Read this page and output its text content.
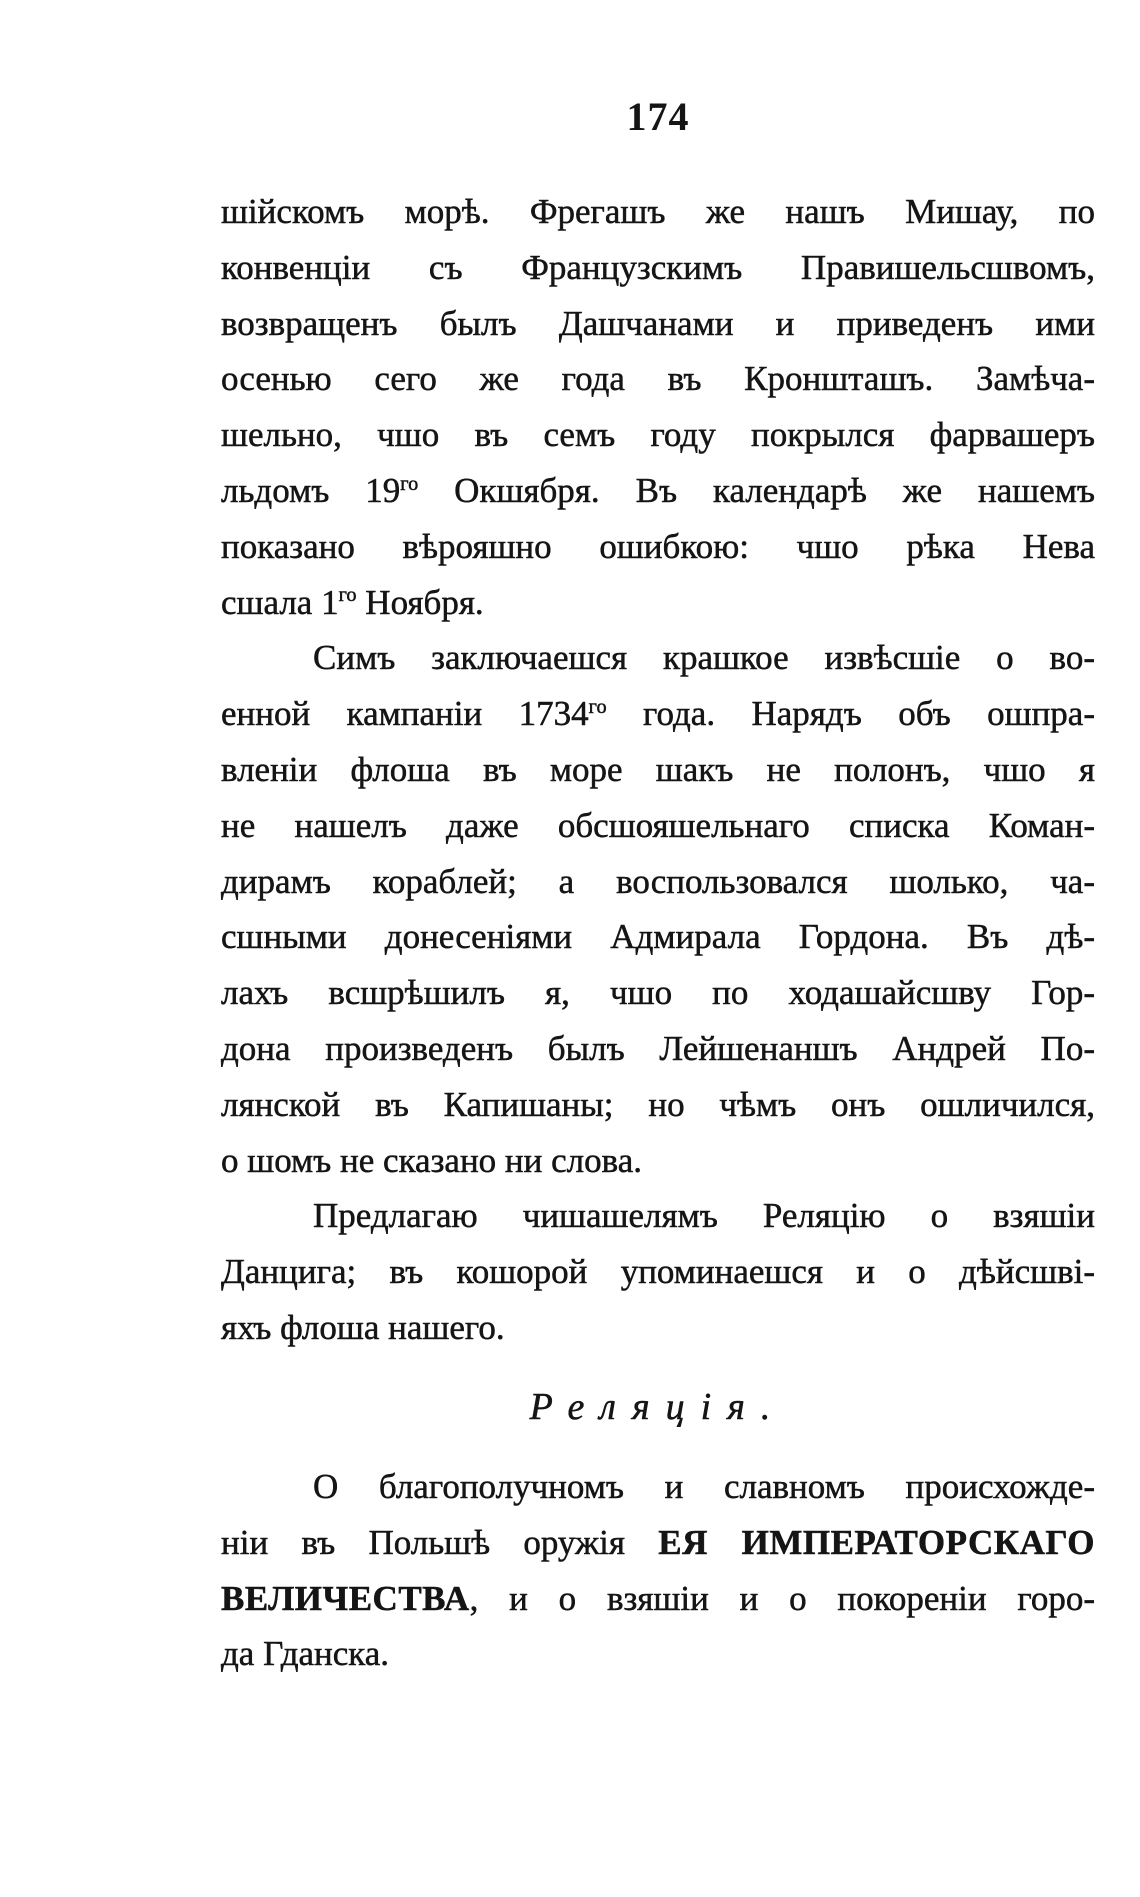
174
шійскомъ морѣ. Фрегашъ же нашъ Мишау, по
конвенціи съ Французскимъ Правишельсшвомъ,
возвращенъ былъ Дашчанами и приведенъ ими
осенью сего же года въ Кроншташъ. Замѣча-
шельно, чшо въ семъ году покрылся фарвашеръ
льдомъ $19^{го}$ Окшября. Въ календарѣ же нашемъ
показано вѣрояшно ошибкою: чшо рѣка Нева
сшала $1^{го}$ Ноября.
Симъ заключаешся крашкое извѣсшіе о во-
енной кампаніи $1734^{го}$ года. Нарядъ объ ошпра-
вленіи флоша въ море шакъ не полонъ, чшо я
не нашелъ даже обсшояшельнаго списка Коман-
дирамъ кораблей; а воспользовался шолько, ча-
сшными донесеніями Адмирала Гордона. Въ дѣ-
лахъ всшрѣшилъ я, чшо по ходашайсшву Гор-
дона произведенъ былъ Лейшенаншъ Андрей По-
лянской въ Капишаны; но чѣмъ онъ ошличился,
о шомъ не сказано ни слова.
Предлагаю чишашелямъ Реляцію о взяшіи
Данцига; въ кошорой упоминаешся и о дѣйсшві-
яхъ флоша нашего.
Реляція.
О благополучномъ и славномъ происхожде-
ніи въ Польшѣ оружія ЕЯ ИМПЕРАТОРСКАГО
ВЕЛИЧЕСТВА, и о взяшіи и о покореніи горо-
да Гданска.
